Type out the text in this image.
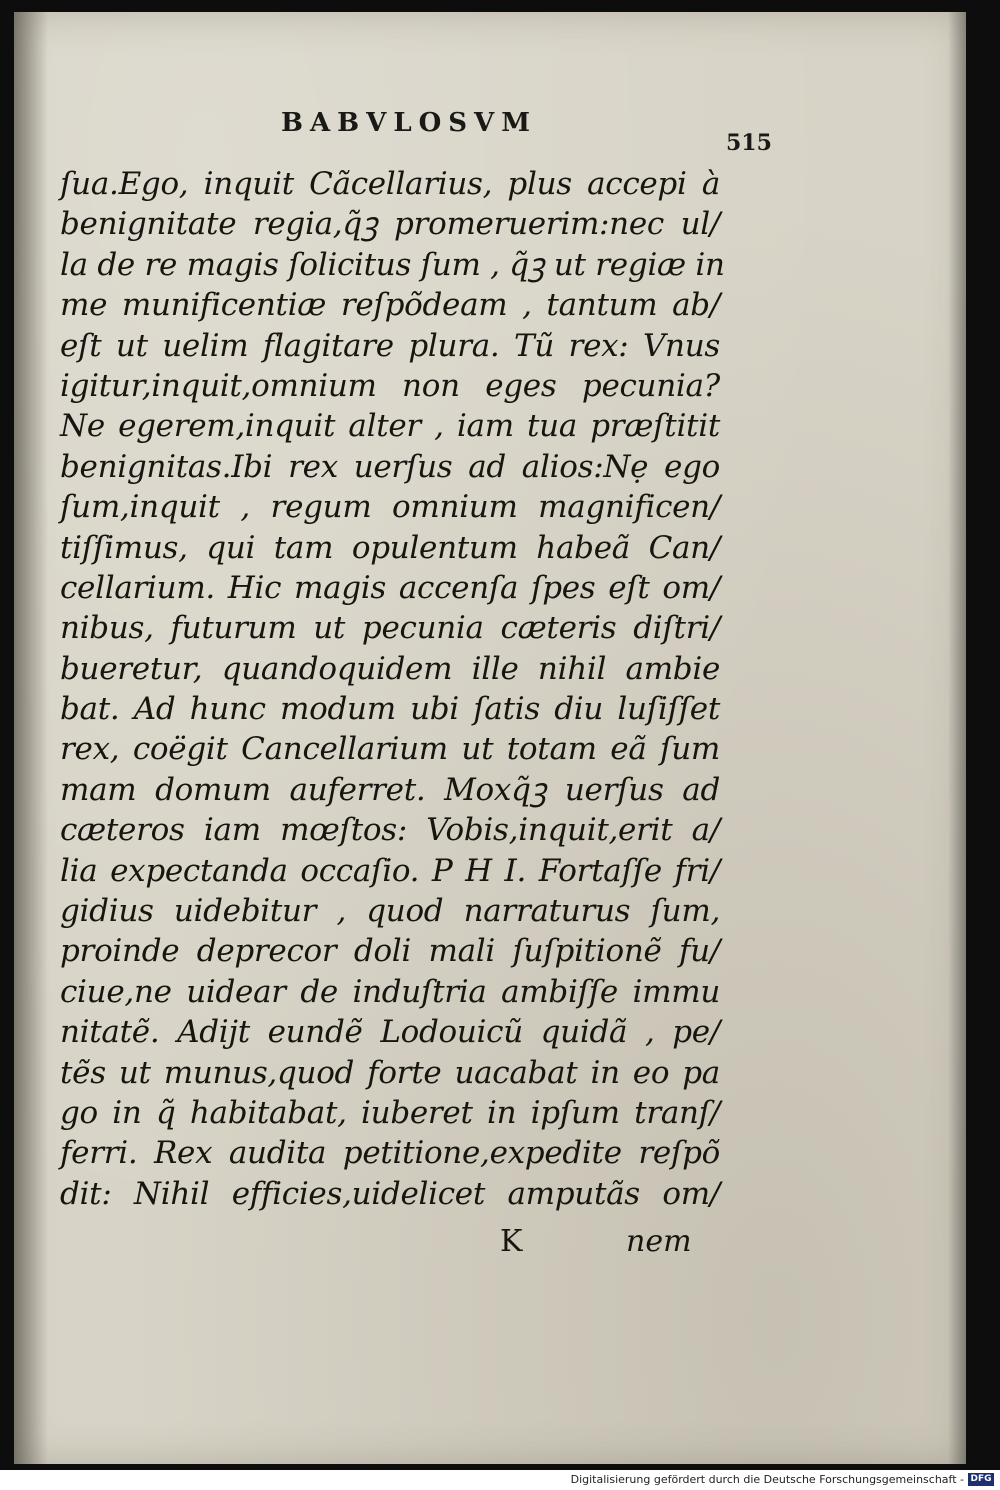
BABVLOSVM
515
ſua.Ego, inquit Cãcellarius, plus accepi à
benignitate regia,q̃ꝫ promeruerim:nec ul/
la de re magis ſolicitus ſum , q̃ꝫ ut regiæ in
me munificentiæ reſpõdeam , tantum ab/
eſt ut uelim flagitare plura. Tũ rex: Vnus
igitur,inquit,omnium non eges pecunia?
Ne egerem,inquit alter , iam tua præſtitit
benignitas.Ibi rex uerſus ad alios:Nẹ ego
ſum,inquit , regum omnium magnificen/
tiſſimus, qui tam opulentum habeã Can/
cellarium. Hic magis accenſa ſpes eſt om/
nibus, futurum ut pecunia cæteris diſtri/
bueretur, quandoquidem ille nihil ambie
bat. Ad hunc modum ubi ſatis diu luſiſſet
rex, coëgit Cancellarium ut totam eã ſum
mam domum auferret. Moxq̃ꝫ uerſus ad
cæteros iam mœſtos: Vobis,inquit,erit a/
lia expectanda occaſio. P H I. Fortaſſe fri/
gidius uidebitur , quod narraturus ſum,
proinde deprecor doli mali ſuſpitionẽ fu/
ciue,ne uidear de induſtria ambiſſe immu
nitatẽ. Adijt eundẽ Lodouicũ quidã , pe/
tẽs ut munus,quod forte uacabat in eo pa
go in q̃ habitabat, iuberet in ipſum tranſ/
ferri. Rex audita petitione,expedite reſpõ
dit: Nihil efficies,uidelicet amputãs om/
K	nem
Digitalisierung gefördert durch die Deutsche Forschungsgemeinschaft - DFG
